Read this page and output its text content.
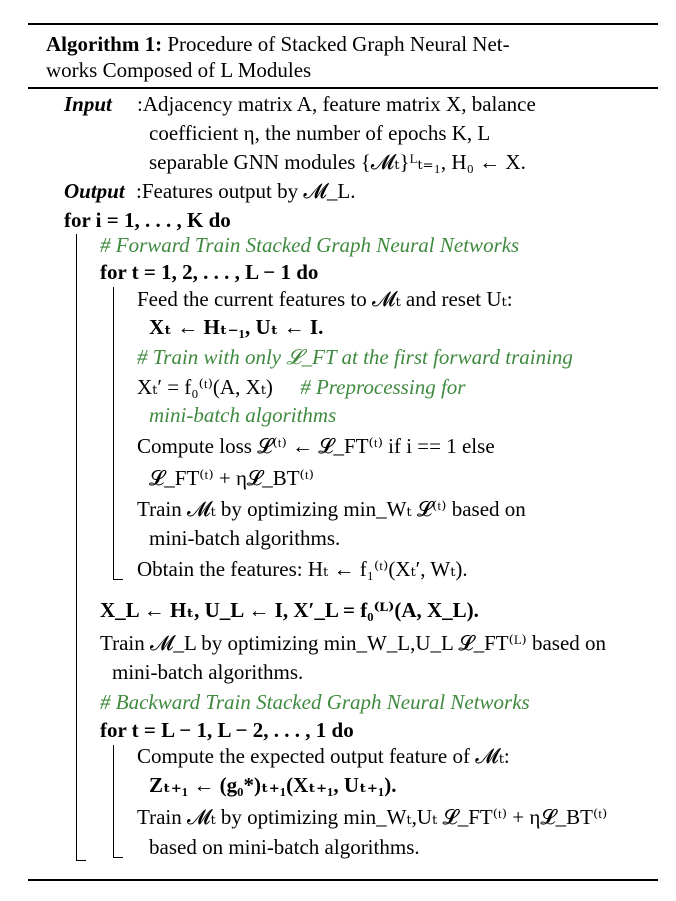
Algorithm 1: Procedure of Stacked Graph Neural Net-
works Composed of L Modules
Input :Adjacency matrix A, feature matrix X, balance
coefficient η, the number of epochs K, L
separable GNN modules {𝓜ₜ}ᴸₜ₌₁, H₀ ← X.
Output :Features output by 𝓜_L.
for i = 1, . . . , K do
# Forward Train Stacked Graph Neural Networks
for t = 1, 2, . . . , L − 1 do
Feed the current features to 𝓜ₜ and reset Uₜ:
Xₜ ← Hₜ₋₁, Uₜ ← I.
# Train with only 𝓛_FT at the first forward training
Xₜ′ = f₀⁽ᵗ⁾(A, Xₜ) # Preprocessing for
mini-batch algorithms
Compute loss 𝓛⁽ᵗ⁾ ← 𝓛_FT⁽ᵗ⁾ if i == 1 else
𝓛_FT⁽ᵗ⁾ + η𝓛_BT⁽ᵗ⁾
Train 𝓜ₜ by optimizing min_Wₜ 𝓛⁽ᵗ⁾ based on
mini-batch algorithms.
Obtain the features: Hₜ ← f₁⁽ᵗ⁾(Xₜ′, Wₜ).
X_L ← Hₜ, U_L ← I, X′_L = f₀⁽ᴸ⁾(A, X_L).
Train 𝓜_L by optimizing min_W_L,U_L 𝓛_FT⁽ᴸ⁾ based on
mini-batch algorithms.
# Backward Train Stacked Graph Neural Networks
for t = L − 1, L − 2, . . . , 1 do
Compute the expected output feature of 𝓜ₜ:
Zₜ₊₁ ← (g₀*)ₜ₊₁(Xₜ₊₁, Uₜ₊₁).
Train 𝓜ₜ by optimizing min_Wₜ,Uₜ 𝓛_FT⁽ᵗ⁾ + η𝓛_BT⁽ᵗ⁾
based on mini-batch algorithms.
